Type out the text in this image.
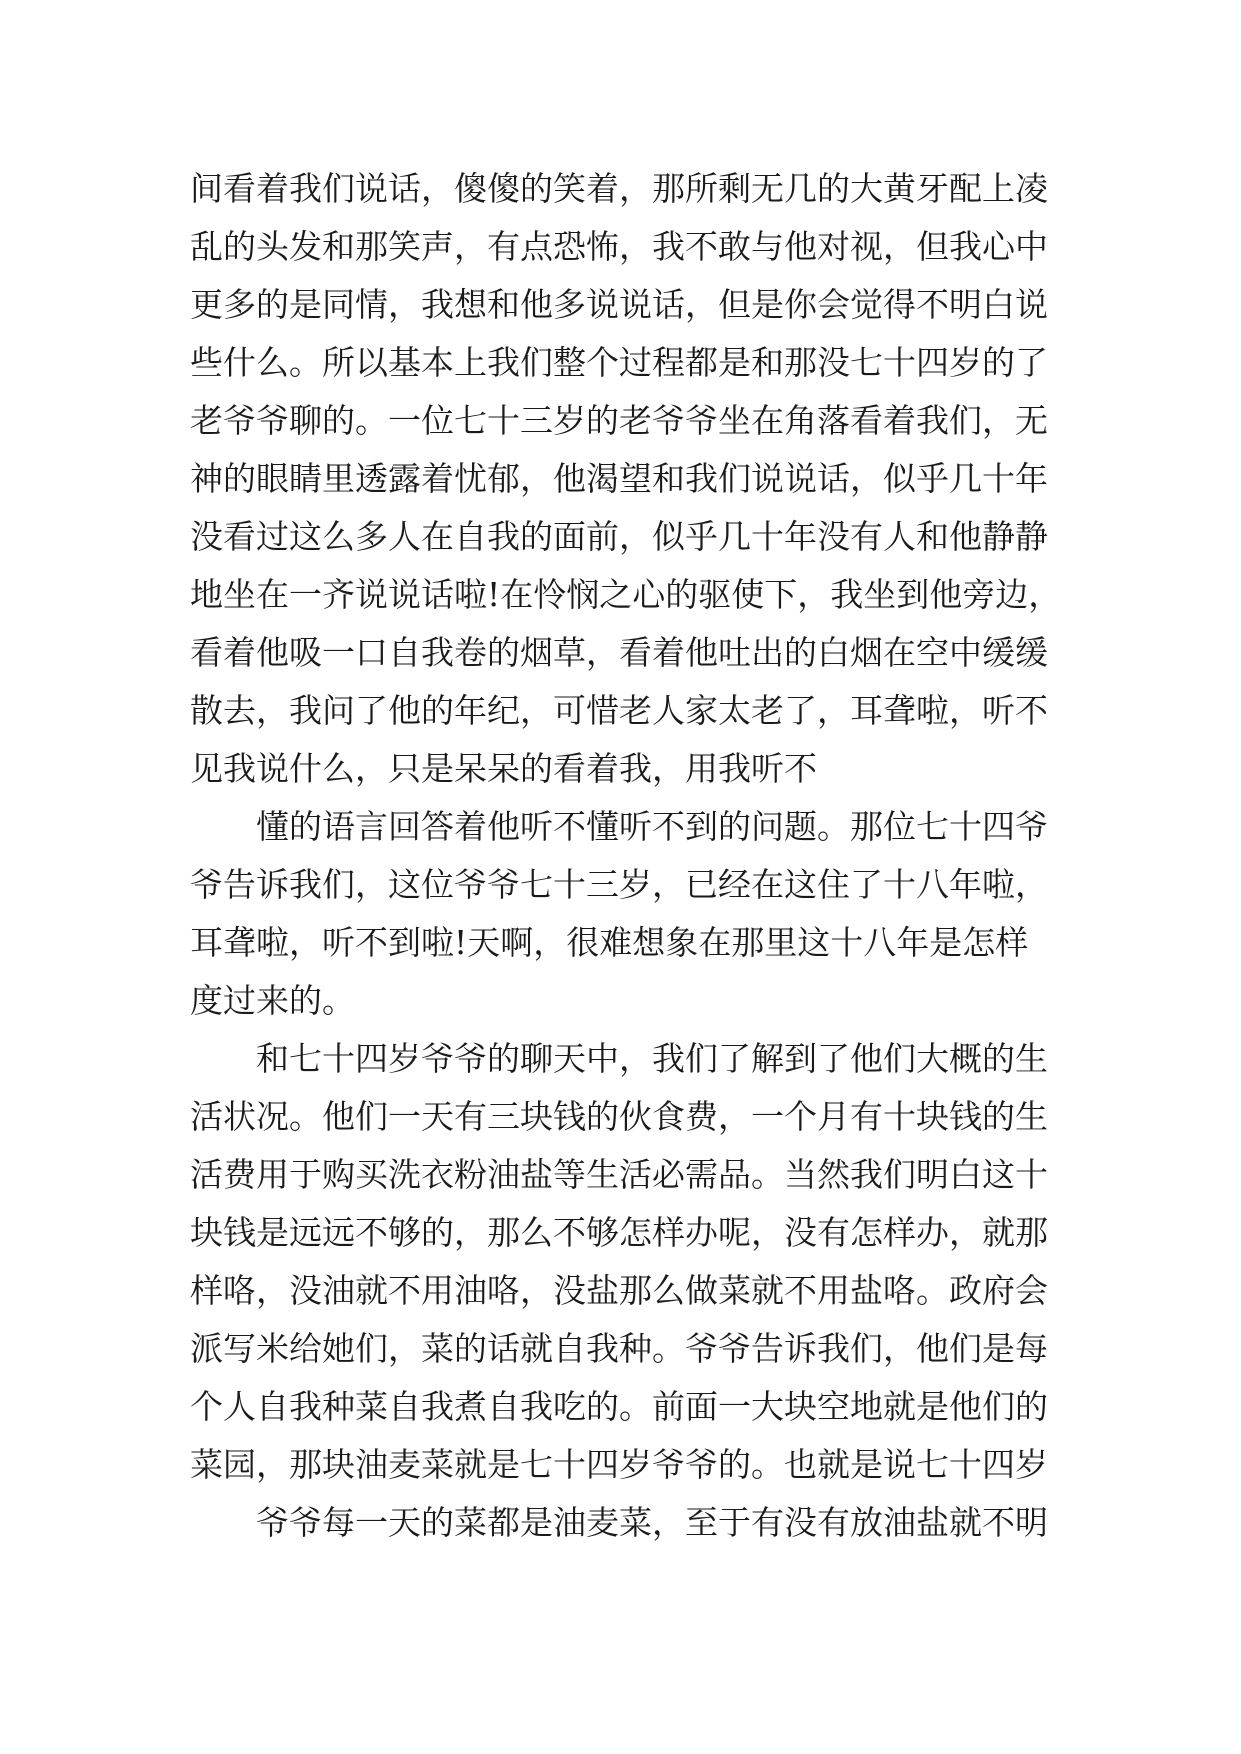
间看着我们说话，傻傻的笑着，那所剩无几的大黄牙配上凌
乱的头发和那笑声，有点恐怖，我不敢与他对视，但我心中
更多的是同情，我想和他多说说话，但是你会觉得不明白说
些什么。所以基本上我们整个过程都是和那没七十四岁的了
老爷爷聊的。一位七十三岁的老爷爷坐在角落看着我们，无
神的眼睛里透露着忧郁，他渴望和我们说说话，似乎几十年
没看过这么多人在自我的面前，似乎几十年没有人和他静静
地坐在一齐说说话啦!在怜悯之心的驱使下，我坐到他旁边，
看着他吸一口自我卷的烟草，看着他吐出的白烟在空中缓缓
散去，我问了他的年纪，可惜老人家太老了，耳聋啦，听不
见我说什么，只是呆呆的看着我，用我听不
懂的语言回答着他听不懂听不到的问题。那位七十四爷
爷告诉我们，这位爷爷七十三岁，已经在这住了十八年啦，
耳聋啦，听不到啦!天啊，很难想象在那里这十八年是怎样
度过来的。
和七十四岁爷爷的聊天中，我们了解到了他们大概的生
活状况。他们一天有三块钱的伙食费，一个月有十块钱的生
活费用于购买洗衣粉油盐等生活必需品。当然我们明白这十
块钱是远远不够的，那么不够怎样办呢，没有怎样办，就那
样咯，没油就不用油咯，没盐那么做菜就不用盐咯。政府会
派写米给她们，菜的话就自我种。爷爷告诉我们，他们是每
个人自我种菜自我煮自我吃的。前面一大块空地就是他们的
菜园，那块油麦菜就是七十四岁爷爷的。也就是说七十四岁
爷爷每一天的菜都是油麦菜，至于有没有放油盐就不明
